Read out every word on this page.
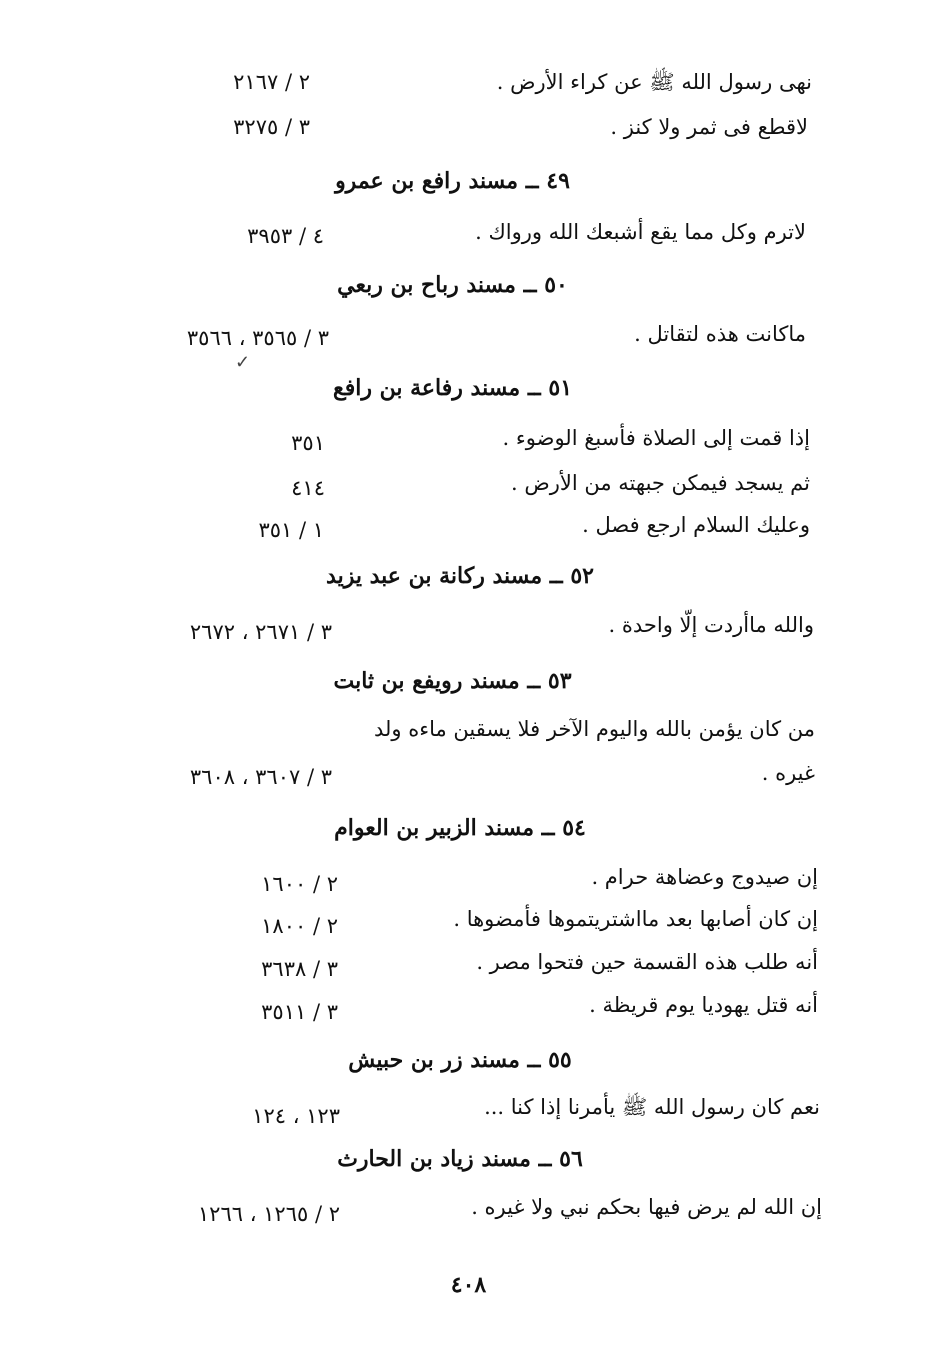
نهى رسول الله ﷺ عن كراء الأرض .
٢ / ٢١٦٧
لاقطع فى ثمر ولا كنز .
٣ / ٣٢٧٥
٤٩ ــ مسند رافع بن عمرو
لاترم وكل مما يقع أشبعك الله ورواك .
٤ / ٣٩٥٣
٥٠ ــ مسند رباح بن ربعي
ماكانت هذه لتقاتل .
٣ / ٣٥٦٥ ، ٣٥٦٦
✓
٥١ ــ مسند رفاعة بن رافع
إذا قمت إلى الصلاة فأسبغ الوضوء .
٣٥١
ثم يسجد فيمكن جبهته من الأرض .
٤١٤
وعليك السلام ارجع فصل .
١ / ٣٥١
٥٢ ــ مسند ركانة بن عبد يزيد
والله ماأردت إلّا واحدة .
٣ / ٢٦٧١ ، ٢٦٧٢
٥٣ ــ مسند رويفع بن ثابت
من كان يؤمن بالله واليوم الآخر فلا يسقين ماءه ولد
غيره .
٣ / ٣٦٠٧ ، ٣٦٠٨
٥٤ ــ مسند الزبير بن العوام
إن صيدوج وعضاهة حرام .
٢ / ١٦٠٠
إن كان أصابها بعد مااشتريتموها فأمضوها .
٢ / ١٨٠٠
أنه طلب هذه القسمة حين فتحوا مصر .
٣ / ٣٦٣٨
أنه قتل يهوديا يوم قريظة .
٣ / ٣٥١١
٥٥ ــ مسند زر بن حبيش
نعم كان رسول الله ﷺ يأمرنا إذا كنا ...
١٢٣ ، ١٢٤
٥٦ ــ مسند زياد بن الحارث
إن الله لم يرض فيها بحكم نبي ولا غيره .
٢ / ١٢٦٥ ، ١٢٦٦
٤٠٨
